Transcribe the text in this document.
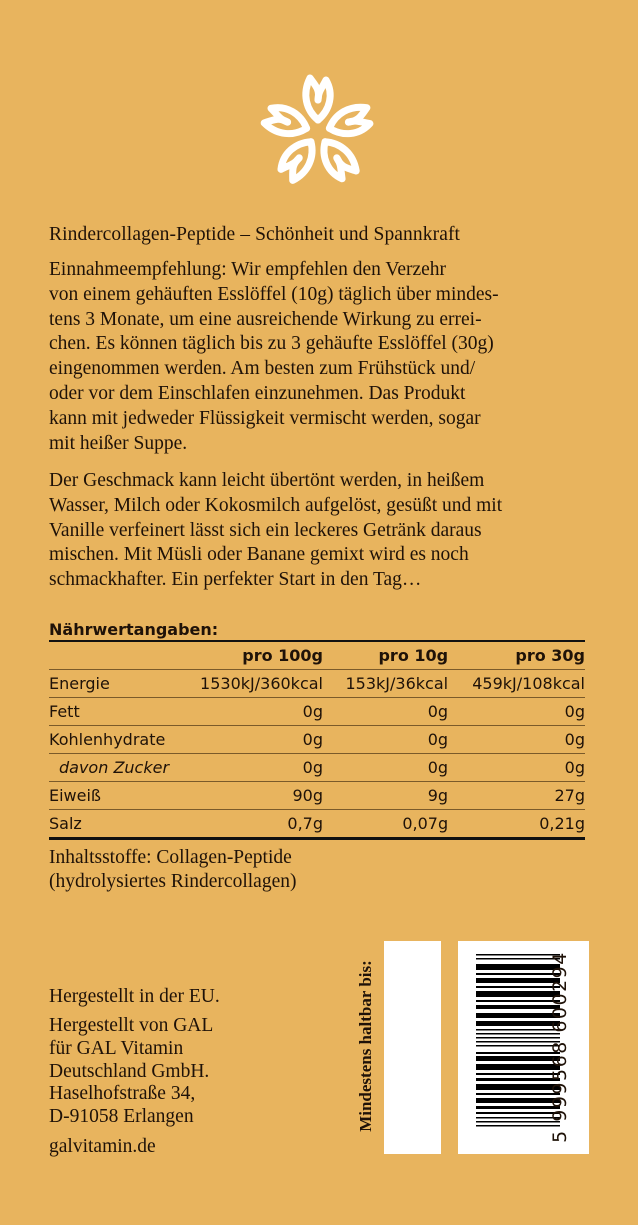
Rindercollagen-Peptide – Schönheit und Spannkraft

Einnahmeempfehlung: Wir empfehlen den Verzehr
von einem gehäuften Esslöffel (10g) täglich über mindes-
tens 3 Monate, um eine ausreichende Wirkung zu errei-
chen. Es können täglich bis zu 3 gehäufte Esslöffel (30g)
eingenommen werden. Am besten zum Frühstück und/
oder vor dem Einschlafen einzunehmen. Das Produkt
kann mit jedweder Flüssigkeit vermischt werden, sogar
mit heißer Suppe.

Der Geschmack kann leicht übertönt werden, in heißem
Wasser, Milch oder Kokosmilch aufgelöst, gesüßt und mit
Vanille verfeinert lässt sich ein leckeres Getränk daraus
mischen. Mit Müsli oder Banane gemixt wird es noch
schmackhafter. Ein perfekter Start in den Tag…

Nährwertangaben:
	pro 100g	pro 10g	pro 30g
Energie	1530kJ/360kcal	153kJ/36kcal	459kJ/108kcal
Fett	0g	0g	0g
Kohlenhydrate	0g	0g	0g
davon Zucker	0g	0g	0g
Eiweiß	90g	9g	27g
Salz	0,7g	0,07g	0,21g
Inhaltsstoffe: Collagen-Peptide
(hydrolysiertes Rindercollagen)
Hergestellt in der EU.
Hergestellt von GAL
für GAL Vitamin
Deutschland GmbH.
Haselhofstraße 34,
D-91058 Erlangen
galvitamin.de
Mindestens haltbar bis:	5 999568 600294
